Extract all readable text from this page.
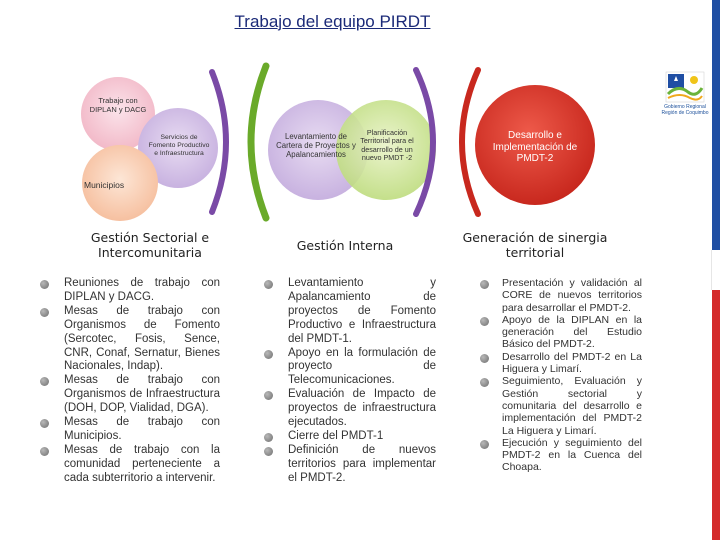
Trabajo del equipo PIRDT
Gobierno Regional
Región de Coquimbo
Trabajo con DIPLAN y DACG
Servicios de Fomento Productivo e Infraestructura
Municipios
Levantamiento de Cartera de Proyectos y Apalancamientos
Planificación Territorial para el desarrollo de un nuevo PMDT -2
Desarrollo e Implementación de PMDT-2
Gestión Sectorial e Intercomunitaria	Gestión Interna
Generación de sinergia territorial
Reuniones de trabajo con DIPLAN y DACG.
Mesas de trabajo con Organismos de Fomento (Sercotec, Fosis, Sence, CNR, Conaf, Sernatur, Bienes Nacionales, Indap).
Mesas de trabajo con Organismos de Infraestructura (DOH, DOP, Vialidad, DGA).
Mesas de trabajo con Municipios.
Mesas de trabajo con la comunidad perteneciente a cada subterritorio a intervenir.
Levantamiento y Apalancamiento de proyectos de Fomento Productivo e Infraestructura del PMDT-1.
Apoyo en la formulación de proyecto de Telecomunicaciones.
Evaluación de Impacto de proyectos de infraestructura ejecutados.
Cierre del PMDT-1
Definición de nuevos territorios para implementar el PMDT-2.
Presentación y validación al CORE de nuevos territorios para desarrollar el PMDT-2.
Apoyo de la DIPLAN en la generación del Estudio Básico del PMDT-2.
Desarrollo del PMDT-2 en La Higuera y Limarí.
Seguimiento, Evaluación y Gestión sectorial y comunitaria del desarrollo e implementación del PMDT-2 La Higuera y Limarí.
Ejecución y seguimiento del PMDT-2 en la Cuenca del Choapa.
